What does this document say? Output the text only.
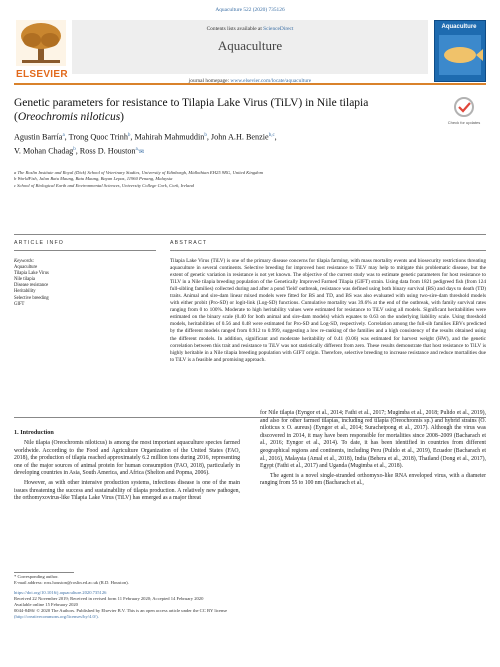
Aquaculture 522 (2020) 735126
ELSEVIER
Contents lists available at ScienceDirect
Aquaculture
journal homepage: www.elsevier.com/locate/aquaculture
Aquaculture
Genetic parameters for resistance to Tilapia Lake Virus (TiLV) in Nile tilapia (Oreochromis niloticus)	Check for updates
Agustin Barría$^a$, Trong Quoc Trinh$^b$, Mahirah Mahmuddin$^b$, John A.H. Benzie$^{b,c}$,
V. Mohan Chadag$^b$, Ross D. Houston$^{a,}$✉
a The Roslin Institute and Royal (Dick) School of Veterinary Studies, University of Edinburgh, Midlothian EH25 9RG, United Kingdom
b WorldFish, Jalan Batu Maung, Batu Maung, Bayan Lepas, 11960 Penang, Malaysia
c School of Biological Earth and Environmental Sciences, University College Cork, Cork, Ireland
ARTICLE INFO	ABSTRACT
Keywords:
Aquaculture
Tilapia Lake Virus
Nile tilapia
Disease resistance
Heritability
Selective breeding
GIFT
Tilapia Lake Virus (TiLV) is one of the primary disease concerns for tilapia farming, with mass mortality events and biosecurity restrictions threating aquaculture in several continents. Selective breeding for improved host resistance to TiLV may help to mitigate this problematic disease, but the extent of genetic variation in resistance is not yet known. The objective of the current study was to estimate genetic parameters for host resistance to TiLV in a Nile tilapia breeding population of the Genetically Improved Farmed Tilapia (GIFT) strain. Using data from 1821 pedigreed fish (from 124 full-sibling families) collected during and after a pond 'field' outbreak, resistance was defined using both binary survival (BS) and days to death (TD) traits. Animal and sire-dam linear mixed models were fitted for BS and TD, and BS was also evaluated with using two-sire-dam threshold models with either probit (Pro-SD) or logit-link (Log-SD) functions. Cumulative mortality was 39.6% at the end of the outbreak, with family survival rates ranging from 0 to 100%. Moderate to high heritability values were estimated for resistance to TiLV using all models. Significant heritabilities were estimated on the binary scale (0.40 for both animal and sire-dam models) which equates to 0.63 on the underlying liability scale. Using threshold models, heritabilities of 0.56 and 0.48 were estimated for Pro-SD and Log-SD, respectively. Correlation among the full-sib families EBVs predicted by the different models ranged from 0.912 to 0.999, suggesting a low re-ranking of the families and a high consistency of the results obtained using the different models. In addition, significant and moderate heritability of 0.41 (0.06) was estimated for harvest weight (HW), and the genetic correlation between this trait and resistance to TiLV was not statistically different from zero. These results demonstrate that host resistance to TiLV is highly heritable in a Nile tilapia breeding population with GIFT origin. Therefore, selective breeding to increase resistance and reduce mortalities due to TiLV is a feasible and promising approach.
1. Introduction

Nile tilapia (Oreochromis niloticus) is among the most important aquaculture species farmed worldwide. According to the Food and Agriculture Organization of the United States (FAO, 2018), the production of tilapia reached approximately 6.2 million tons during 2016, representing one of the major sources of animal protein for human consumption (FAO, 2018), particularly in developing countries in Asia, South America, and Africa (Shelton and Popma, 2006).

However, as with other intensive production systems, infectious disease is one of the main issues threatening the success and sustainability of tilapia production. A relatively new pathogen, the orthomyxovirus-like Tilapia Lake Virus (TiLV) has emerged as a major threat

for Nile tilapia (Eyngor et al., 2014; Fathi et al., 2017; Mugimba et al., 2018; Pulido et al., 2019), and also for other farmed tilapias, including red tilapia (Oreochromis sp.) and hybrid strains (O. niloticus x O. aureus) (Eyngor et al., 2014; Surachetpong et al., 2017). Although the virus was discovered in 2014, it may have been responsible for mortalities since 2008–2009 (Bacharach et al., 2016; Eyngor et al., 2014). To date, it has been identified in countries from different geographical regions and continents, including Peru (Pulido et al., 2019), Ecuador (Bacharach et al., 2016), Malaysia (Amal et al., 2018), India (Behera et al., 2018), Thailand (Dong et al., 2017), Egypt (Fathi et al., 2017) and Uganda (Mugimba et al., 2018).

The agent is a novel single-stranded orthomyxo-like RNA enveloped virus, with a diameter ranging from 55 to 100 nm (Bacharach et al.,

* Corresponding author.
E-mail address: ross.houston@roslin.ed.ac.uk (R.D. Houston).
https://doi.org/10.1016/j.aquaculture.2020.735126
Received 22 November 2019; Received in revised form 11 February 2020; Accepted 14 February 2020
Available online 15 February 2020
0044-8486/ © 2020 The Authors. Published by Elsevier B.V. This is an open access article under the CC BY license
(http://creativecommons.org/licenses/by/4.0/).
